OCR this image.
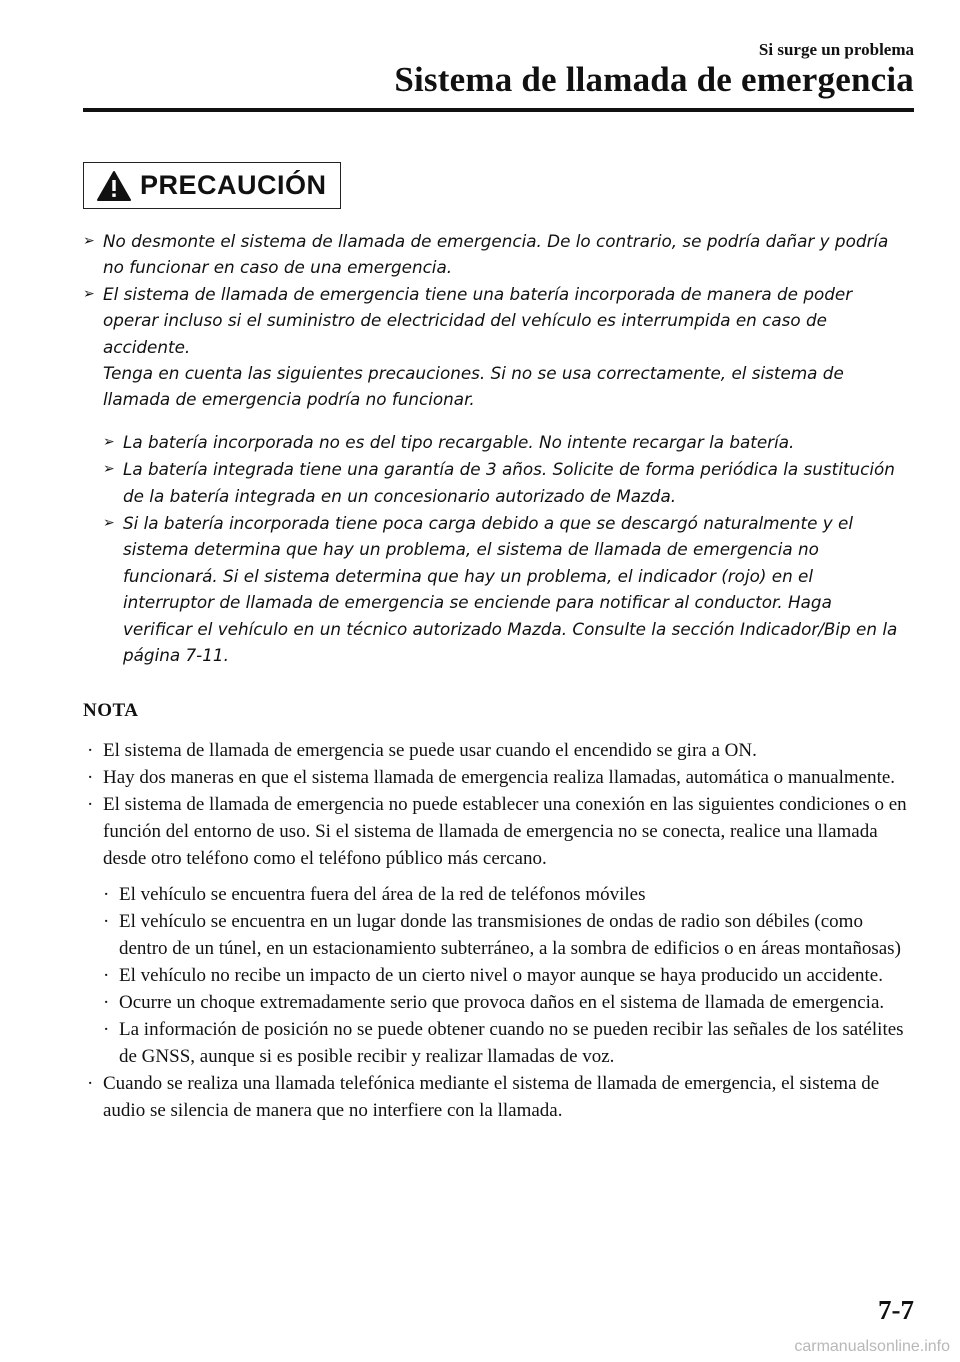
Si surge un problema
Sistema de llamada de emergencia
PRECAUCIÓN
➢ No desmonte el sistema de llamada de emergencia. De lo contrario, se podría dañar y podría no funcionar en caso de una emergencia.

➢ El sistema de llamada de emergencia tiene una batería incorporada de manera de poder operar incluso si el suministro de electricidad del vehículo es interrumpida en caso de accidente.

Tenga en cuenta las siguientes precauciones. Si no se usa correctamente, el sistema de llamada de emergencia podría no funcionar.

➢ La batería incorporada no es del tipo recargable. No intente recargar la batería.

➢ La batería integrada tiene una garantía de 3 años. Solicite de forma periódica la sustitución de la batería integrada en un concesionario autorizado de Mazda.

➢ Si la batería incorporada tiene poca carga debido a que se descargó naturalmente y el sistema determina que hay un problema, el sistema de llamada de emergencia no funcionará. Si el sistema determina que hay un problema, el indicador (rojo) en el interruptor de llamada de emergencia se enciende para notificar al conductor. Haga verificar el vehículo en un técnico autorizado Mazda. Consulte la sección Indicador/Bip en la página 7-11.

NOTA
· El sistema de llamada de emergencia se puede usar cuando el encendido se gira a ON.
· Hay dos maneras en que el sistema llamada de emergencia realiza llamadas, automática o manualmente.
· El sistema de llamada de emergencia no puede establecer una conexión en las siguientes condiciones o en función del entorno de uso. Si el sistema de llamada de emergencia no se conecta, realice una llamada desde otro teléfono como el teléfono público más cercano.
· El vehículo se encuentra fuera del área de la red de teléfonos móviles
· El vehículo se encuentra en un lugar donde las transmisiones de ondas de radio son débiles (como dentro de un túnel, en un estacionamiento subterráneo, a la sombra de edificios o en áreas montañosas)
· El vehículo no recibe un impacto de un cierto nivel o mayor aunque se haya producido un accidente.
· Ocurre un choque extremadamente serio que provoca daños en el sistema de llamada de emergencia.
· La información de posición no se puede obtener cuando no se pueden recibir las señales de los satélites de GNSS, aunque si es posible recibir y realizar llamadas de voz.
· Cuando se realiza una llamada telefónica mediante el sistema de llamada de emergencia, el sistema de audio se silencia de manera que no interfiere con la llamada.
7-7
carmanualsonline.info
